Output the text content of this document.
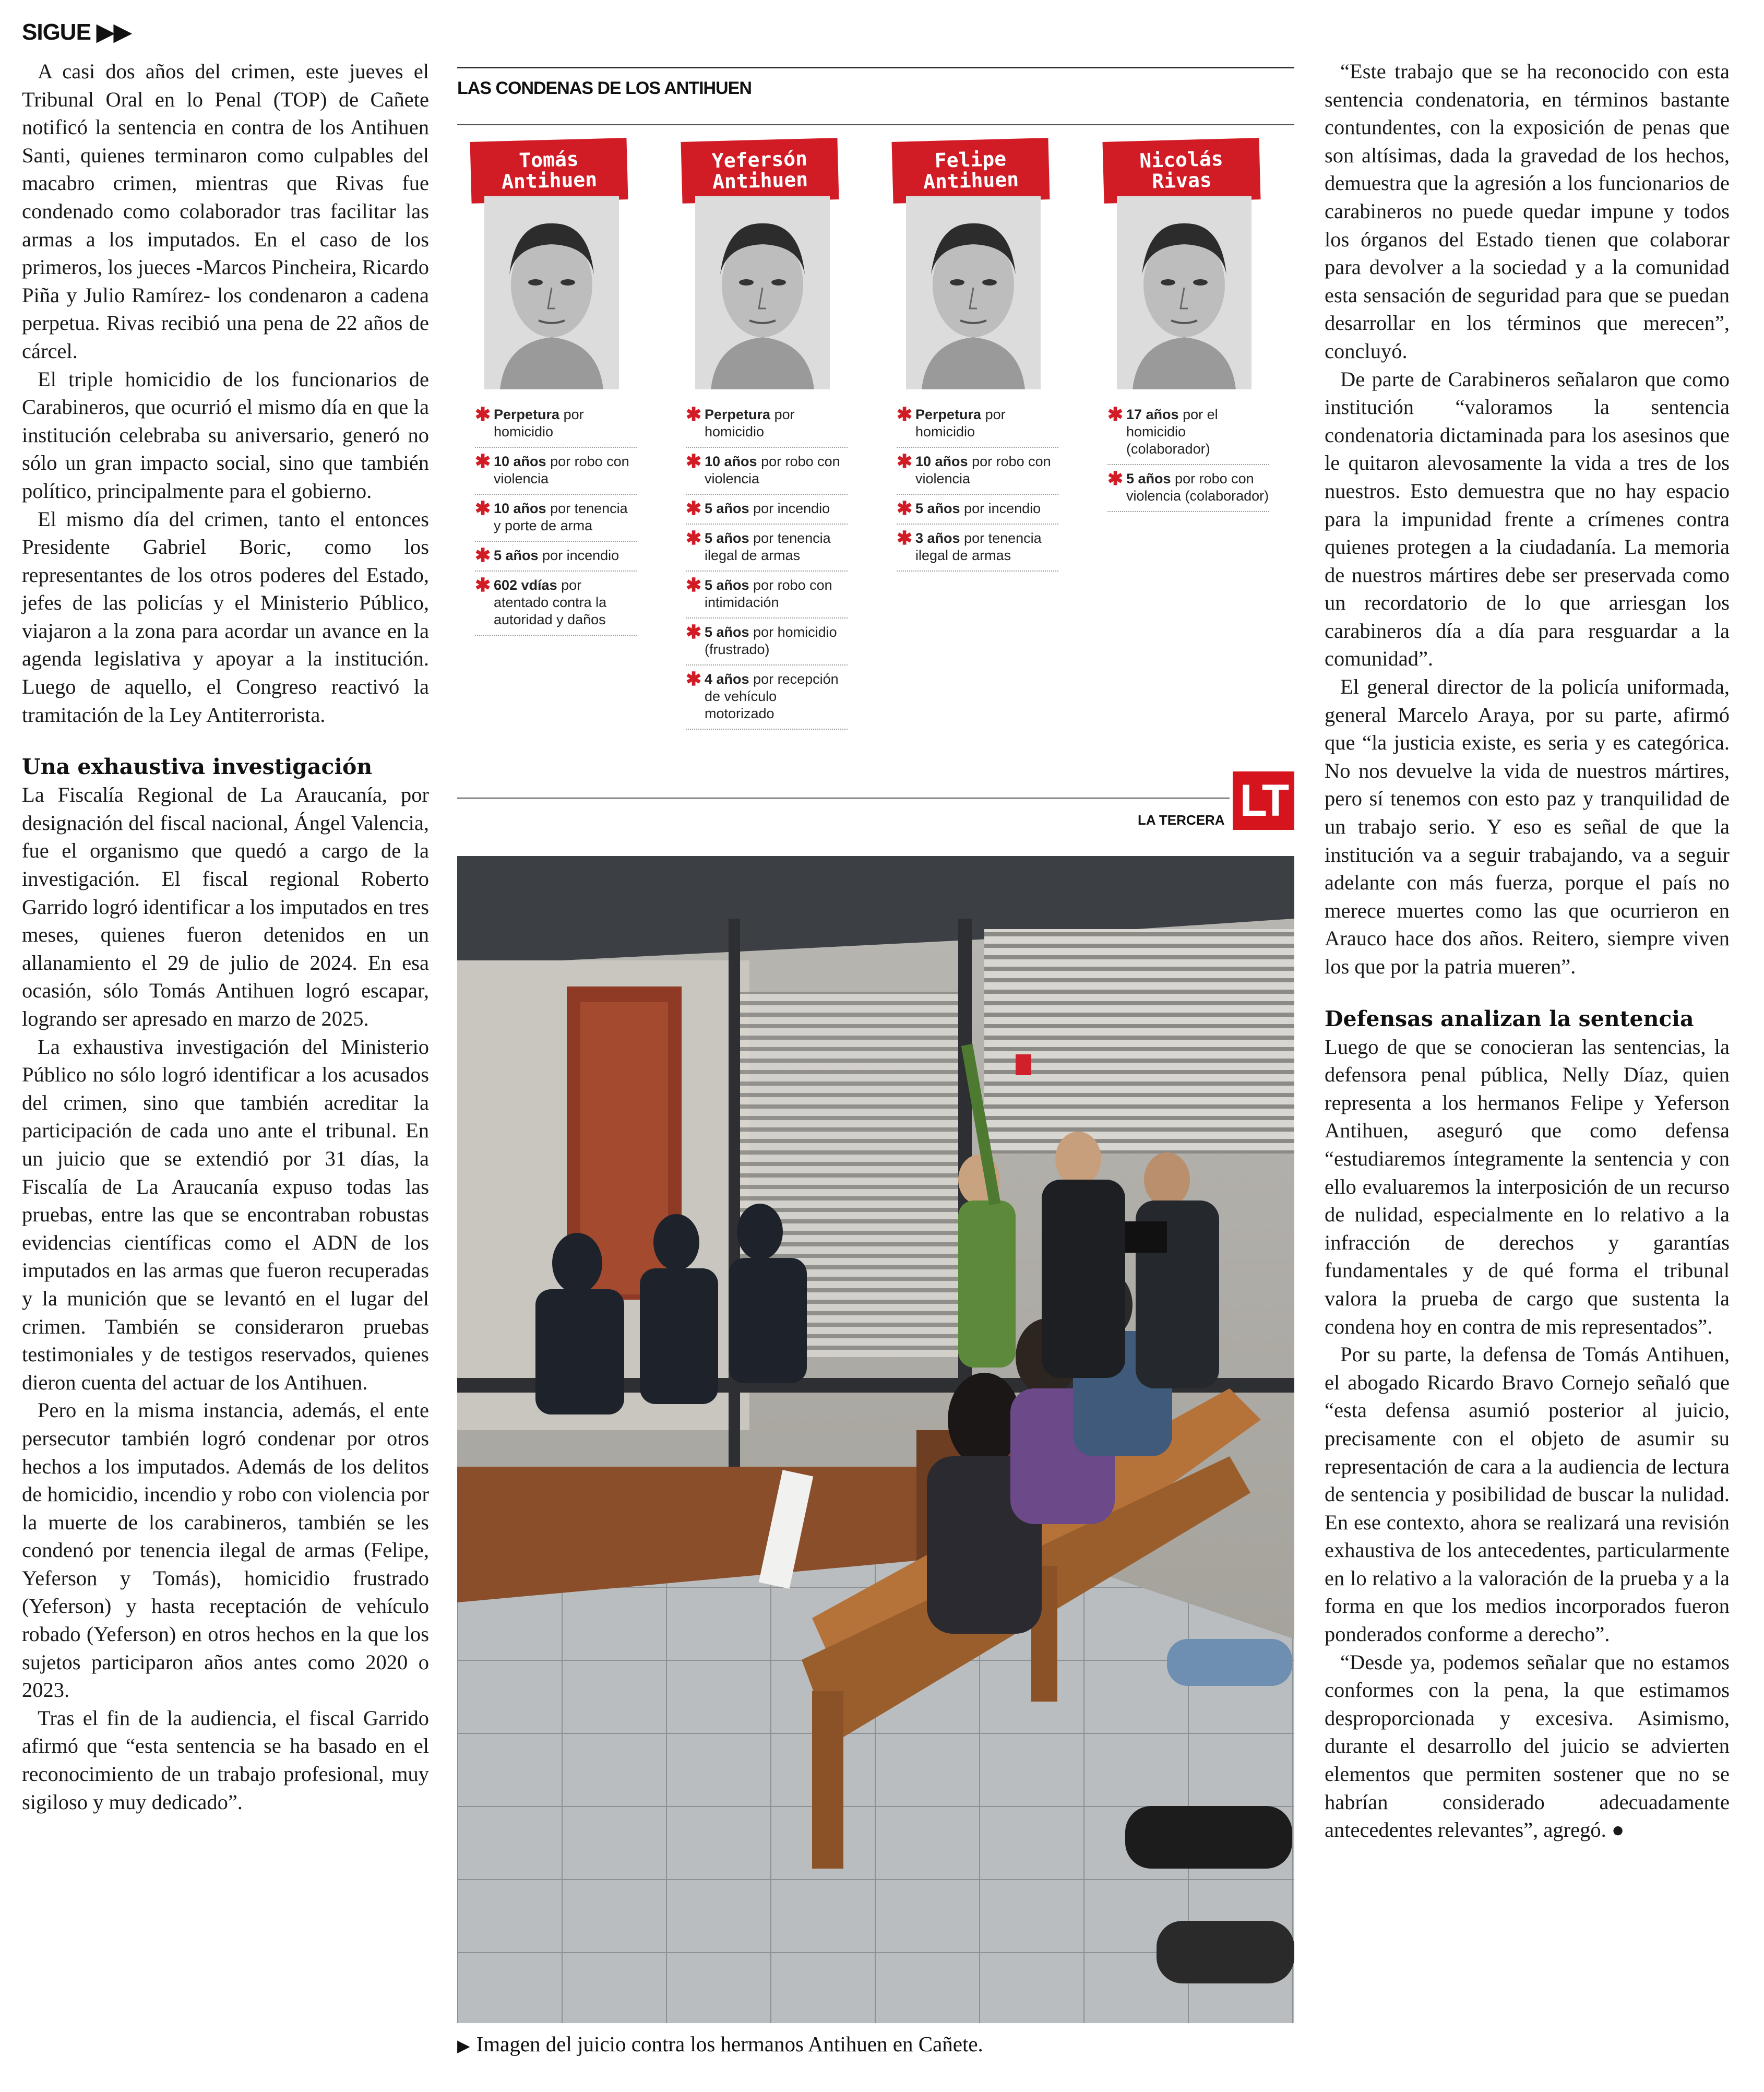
SIGUE ▶▶

A casi dos años del crimen, este jueves el Tribunal Oral en lo Penal (TOP) de Cañete notificó la sentencia en contra de los Antihuen Santi, quienes terminaron como culpables del macabro crimen, mientras que Rivas fue condenado como colaborador tras facilitar las armas a los imputados. En el caso de los primeros, los jueces -Marcos Pincheira, Ricardo Piña y Julio Ramírez- los condenaron a cadena perpetua. Rivas recibió una pena de 22 años de cárcel.

El triple homicidio de los funcionarios de Carabineros, que ocurrió el mismo día en que la institución celebraba su aniversario, generó no sólo un gran impacto social, sino que también político, principalmente para el gobierno.

El mismo día del crimen, tanto el entonces Presidente Gabriel Boric, como los representantes de los otros poderes del Estado, jefes de las policías y el Ministerio Público, viajaron a la zona para acordar un avance en la agenda legislativa y apoyar a la institución. Luego de aquello, el Congreso reactivó la tramitación de la Ley Antiterrorista.

Una exhaustiva investigación

La Fiscalía Regional de La Araucanía, por designación del fiscal nacional, Ángel Valencia, fue el organismo que quedó a cargo de la investigación. El fiscal regional Roberto Garrido logró identificar a los imputados en tres meses, quienes fueron detenidos en un allanamiento el 29 de julio de 2024. En esa ocasión, sólo Tomás Antihuen logró escapar, logrando ser apresado en marzo de 2025.

La exhaustiva investigación del Ministerio Público no sólo logró identificar a los acusados del crimen, sino que también acreditar la participación de cada uno ante el tribunal. En un juicio que se extendió por 31 días, la Fiscalía de La Araucanía expuso todas las pruebas, entre las que se encontraban robustas evidencias científicas como el ADN de los imputados en las armas que fueron recuperadas y la munición que se levantó en el lugar del crimen. También se consideraron pruebas testimoniales y de testigos reservados, quienes dieron cuenta del actuar de los Antihuen.

Pero en la misma instancia, además, el ente persecutor también logró condenar por otros hechos a los imputados. Además de los delitos de homicidio, incendio y robo con violencia por la muerte de los carabineros, también se les condenó por tenencia ilegal de armas (Felipe, Yeferson y Tomás), homicidio frustrado (Yeferson) y hasta receptación de vehículo robado (Yeferson) en otros hechos en la que los sujetos participaron años antes como 2020 o 2023.

Tras el fin de la audiencia, el fiscal Garrido afirmó que “esta sentencia se ha basado en el reconocimiento de un trabajo profesional, muy sigiloso y muy dedicado”.

LAS CONDENAS DE LOS ANTIHUEN
Tomás
Antihuen
✱ Perpetura por homicidio
✱ 10 años por robo con violencia
✱ 10 años por tenencia y porte de arma
✱ 5 años por incendio
✱ 602 vdías por atentado contra la autoridad y daños
Yefersón
Antihuen
✱ Perpetura por homicidio
✱ 10 años por robo con violencia
✱ 5 años por incendio
✱ 5 años por tenencia ilegal de armas
✱ 5 años por robo con intimidación
✱ 5 años por homicidio (frustrado)
✱ 4 años por recepción de vehículo motorizado
Felipe
Antihuen
✱ Perpetura por homicidio
✱ 10 años por robo con violencia
✱ 5 años por incendio
✱ 3 años por tenencia ilegal de armas
Nicolás
Rivas
✱ 17 años por el homicidio (colaborador)
✱ 5 años por robo con violencia (colaborador)
LA TERCERA LT
▶ Imagen del juicio contra los hermanos Antihuen en Cañete.

“Este trabajo que se ha reconocido con esta sentencia condenatoria, en términos bastante contundentes, con la exposición de penas que son altísimas, dada la gravedad de los hechos, demuestra que la agresión a los funcionarios de carabineros no puede quedar impune y todos los órganos del Estado tienen que colaborar para devolver a la sociedad y a la comunidad esta sensación de seguridad para que se puedan desarrollar en los términos que merecen”, concluyó.

De parte de Carabineros señalaron que como institución “valoramos la sentencia condenatoria dictaminada para los asesinos que le quitaron alevosamente la vida a tres de los nuestros. Esto demuestra que no hay espacio para la impunidad frente a crímenes contra quienes protegen a la ciudadanía. La memoria de nuestros mártires debe ser preservada como un recordatorio de lo que arriesgan los carabineros día a día para resguardar a la comunidad”.

El general director de la policía uniformada, general Marcelo Araya, por su parte, afirmó que “la justicia existe, es seria y es categórica. No nos devuelve la vida de nuestros mártires, pero sí tenemos con esto paz y tranquilidad de un trabajo serio. Y eso es señal de que la institución va a seguir trabajando, va a seguir adelante con más fuerza, porque el país no merece muertes como las que ocurrieron en Arauco hace dos años. Reitero, siempre viven los que por la patria mueren”.

Defensas analizan la sentencia

Luego de que se conocieran las sentencias, la defensora penal pública, Nelly Díaz, quien representa a los hermanos Felipe y Yeferson Antihuen, aseguró que como defensa “estudiaremos íntegramente la sentencia y con ello evaluaremos la interposición de un recurso de nulidad, especialmente en lo relativo a la infracción de derechos y garantías fundamentales y de qué forma el tribunal valora la prueba de cargo que sustenta la condena hoy en contra de mis representados”.

Por su parte, la defensa de Tomás Antihuen, el abogado Ricardo Bravo Cornejo señaló que “esta defensa asumió posterior al juicio, precisamente con el objeto de asumir su representación de cara a la audiencia de lectura de sentencia y posibilidad de buscar la nulidad. En ese contexto, ahora se realizará una revisión exhaustiva de los antecedentes, particularmente en lo relativo a la valoración de la prueba y a la forma en que los medios incorporados fueron ponderados conforme a derecho”.

“Desde ya, podemos señalar que no estamos conformes con la pena, la que estimamos desproporcionada y excesiva. Asimismo, durante el desarrollo del juicio se advierten elementos que permiten sostener que no se habrían considerado adecuadamente antecedentes relevantes”, agregó. ●
